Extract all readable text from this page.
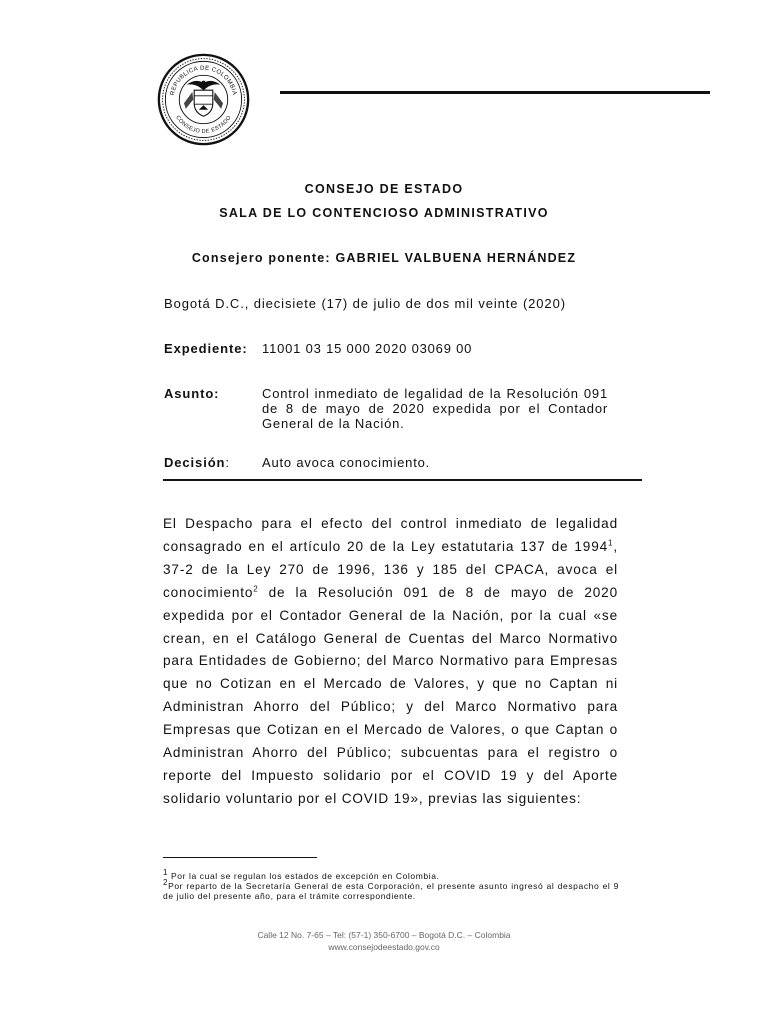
REPUBLICA DE COLOMBIA
CONSEJO DE ESTADO
CONSEJO DE ESTADO
SALA DE LO CONTENCIOSO ADMINISTRATIVO
Consejero ponente: GABRIEL VALBUENA HERNÁNDEZ
Bogotá D.C., diecisiete (17) de julio de dos mil veinte (2020)
Expediente: 11001 03 15 000 2020 03069 00
Asunto:	Control inmediato de legalidad de la Resolución 091 de 8 de mayo de 2020 expedida por el Contador General de la Nación.
Decisión: Auto avoca conocimiento.
El Despacho para el efecto del control inmediato de legalidad consagrado en el artículo 20 de la Ley estatutaria 137 de 1994$^1$, 37-2 de la Ley 270 de 1996, 136 y 185 del CPACA, avoca el conocimiento$^2$ de la Resolución 091 de 8 de mayo de 2020 expedida por el Contador General de la Nación, por la cual «se crean, en el Catálogo General de Cuentas del Marco Normativo para Entidades de Gobierno; del Marco Normativo para Empresas que no Cotizan en el Mercado de Valores, y que no Captan ni Administran Ahorro del Público; y del Marco Normativo para Empresas que Cotizan en el Mercado de Valores, o que Captan o Administran Ahorro del Público; subcuentas para el registro o reporte del Impuesto solidario por el COVID 19 y del Aporte solidario voluntario por el COVID 19», previas las siguientes:
$^1$ Por la cual se regulan los estados de excepción en Colombia.
$^2$Por reparto de la Secretaría General de esta Corporación, el presente asunto ingresó al despacho el 9 de julio del presente año, para el trámite correspondiente.
Calle 12 No. 7-65 – Tel: (57-1) 350-6700 – Bogotá D.C. – Colombia
www.consejodeestado.gov.co
